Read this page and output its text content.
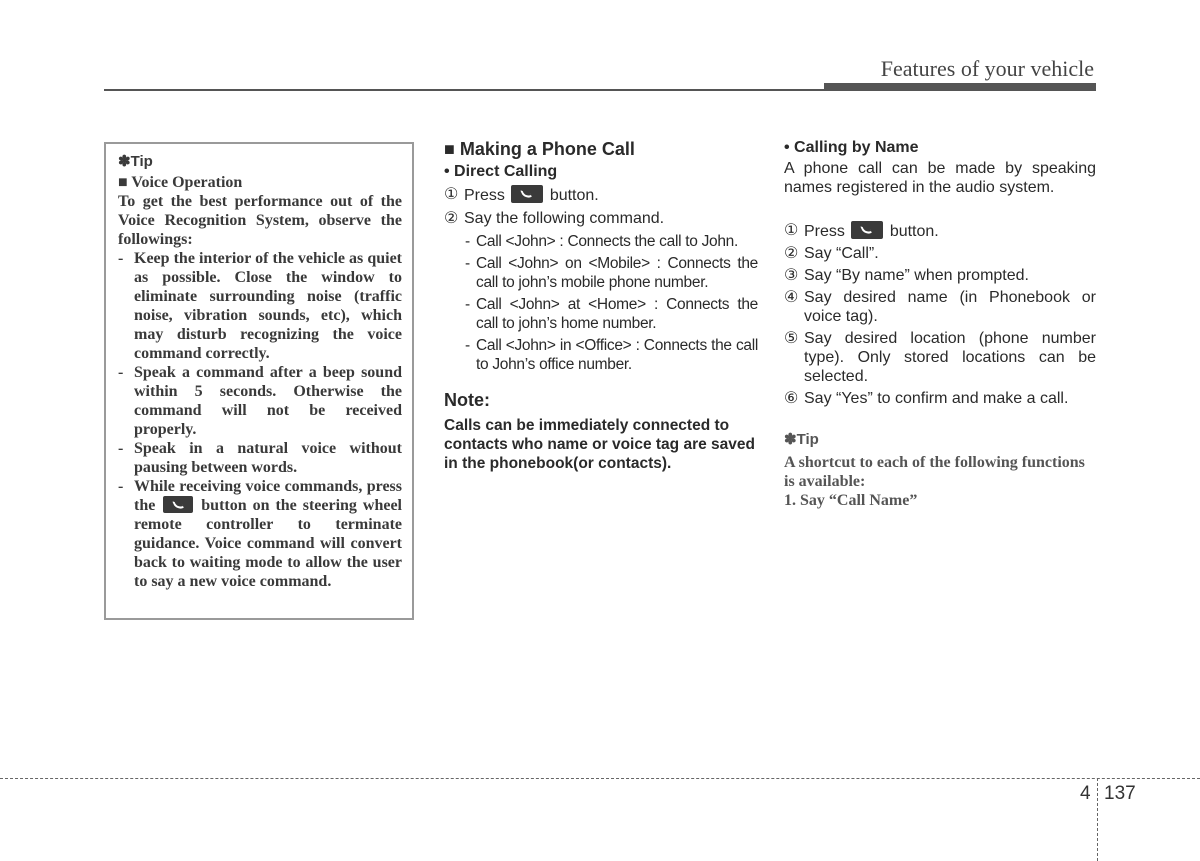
Features of your vehicle
✽Tip
■ Voice Operation
To get the best performance out of the Voice Recognition System, observe the followings:
- Keep the interior of the vehicle as quiet as possible. Close the window to eliminate surrounding noise (traffic noise, vibration sounds, etc), which may disturb recognizing the voice command correctly.
- Speak a command after a beep sound within 5 seconds. Otherwise the command will not be received properly.
- Speak in a natural voice without pausing between words.
- While receiving voice commands, press the	button on the steering wheel remote controller to terminate guidance. Voice command will convert back to waiting mode to allow the user to say a new voice command.
■ Making a Phone Call
• Direct Calling
① Press	button.
② Say the following command.
- Call <John> : Connects the call to John.
- Call <John> on <Mobile> : Connects the call to john’s mobile phone number.
- Call <John> at <Home> : Connects the call to john’s home number.
- Call <John> in <Office> : Connects the call to John’s office number.
Note:
Calls can be immediately connected to contacts who name or voice tag are saved in the phonebook(or contacts).
• Calling by Name
A phone call can be made by speaking names registered in the audio system.
① Press	button.
② Say “Call”.
③ Say “By name” when prompted.
④ Say desired name (in Phonebook or voice tag).
⑤ Say desired location (phone number type). Only stored locations can be selected.
⑥ Say “Yes” to confirm and make a call.
✽Tip
A shortcut to each of the following functions is available:
1. Say “Call Name”
4 137
